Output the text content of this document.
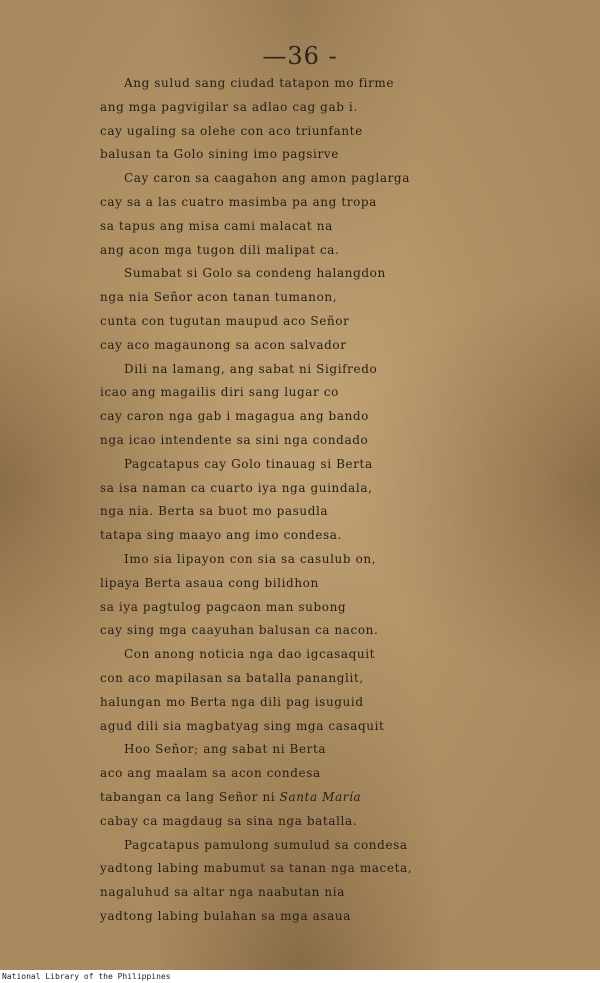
—36 -
Ang sulud sang ciudad tatapon mo firme
ang mga pagvigilar sa adlao cag gab i.
cay ugaling sa olehe con aco triunfante
balusan ta Golo sining imo pagsirve
Cay caron sa caagahon ang amon paglarga
cay sa a las cuatro masimba pa ang tropa
sa tapus ang misa cami malacat na
ang acon mga tugon dili malipat ca.
Sumabat si Golo sa condeng halangdon
nga nia Señor acon tanan tumanon,
cunta con tugutan maupud aco Señor
cay aco magaunong sa acon salvador
Dili na lamang, ang sabat ni Sigifredo
icao ang magailis diri sang lugar co
cay caron nga gab i magagua ang bando
nga icao intendente sa sini nga condado
Pagcatapus cay Golo tinauag si Berta
sa isa naman ca cuarto iya nga guindala,
nga nia. Berta sa buot mo pasudla
tatapa sing maayo ang imo condesa.
Imo sia lipayon con sia sa casulub on,
lipaya Berta asaua cong bilidhon
sa iya pagtulog pagcaon man subong
cay sing mga caayuhan balusan ca nacon.
Con anong noticia nga dao igcasaquit
con aco mapilasan sa batalla pananglit,
halungan mo Berta nga dili pag isuguid
agud dili sia magbatyag sing mga casaquit
Hoo Señor; ang sabat ni Berta
aco ang maalam sa acon condesa
tabangan ca lang Señor ni Santa María
cabay ca magdaug sa sina nga batalla.
Pagcatapus pamulong sumulud sa condesa
yadtong labing mabumut sa tanan nga maceta,
nagaluhud sa altar nga naabutan nia
yadtong labing bulahan sa mga asaua
National Library of the Philippines
